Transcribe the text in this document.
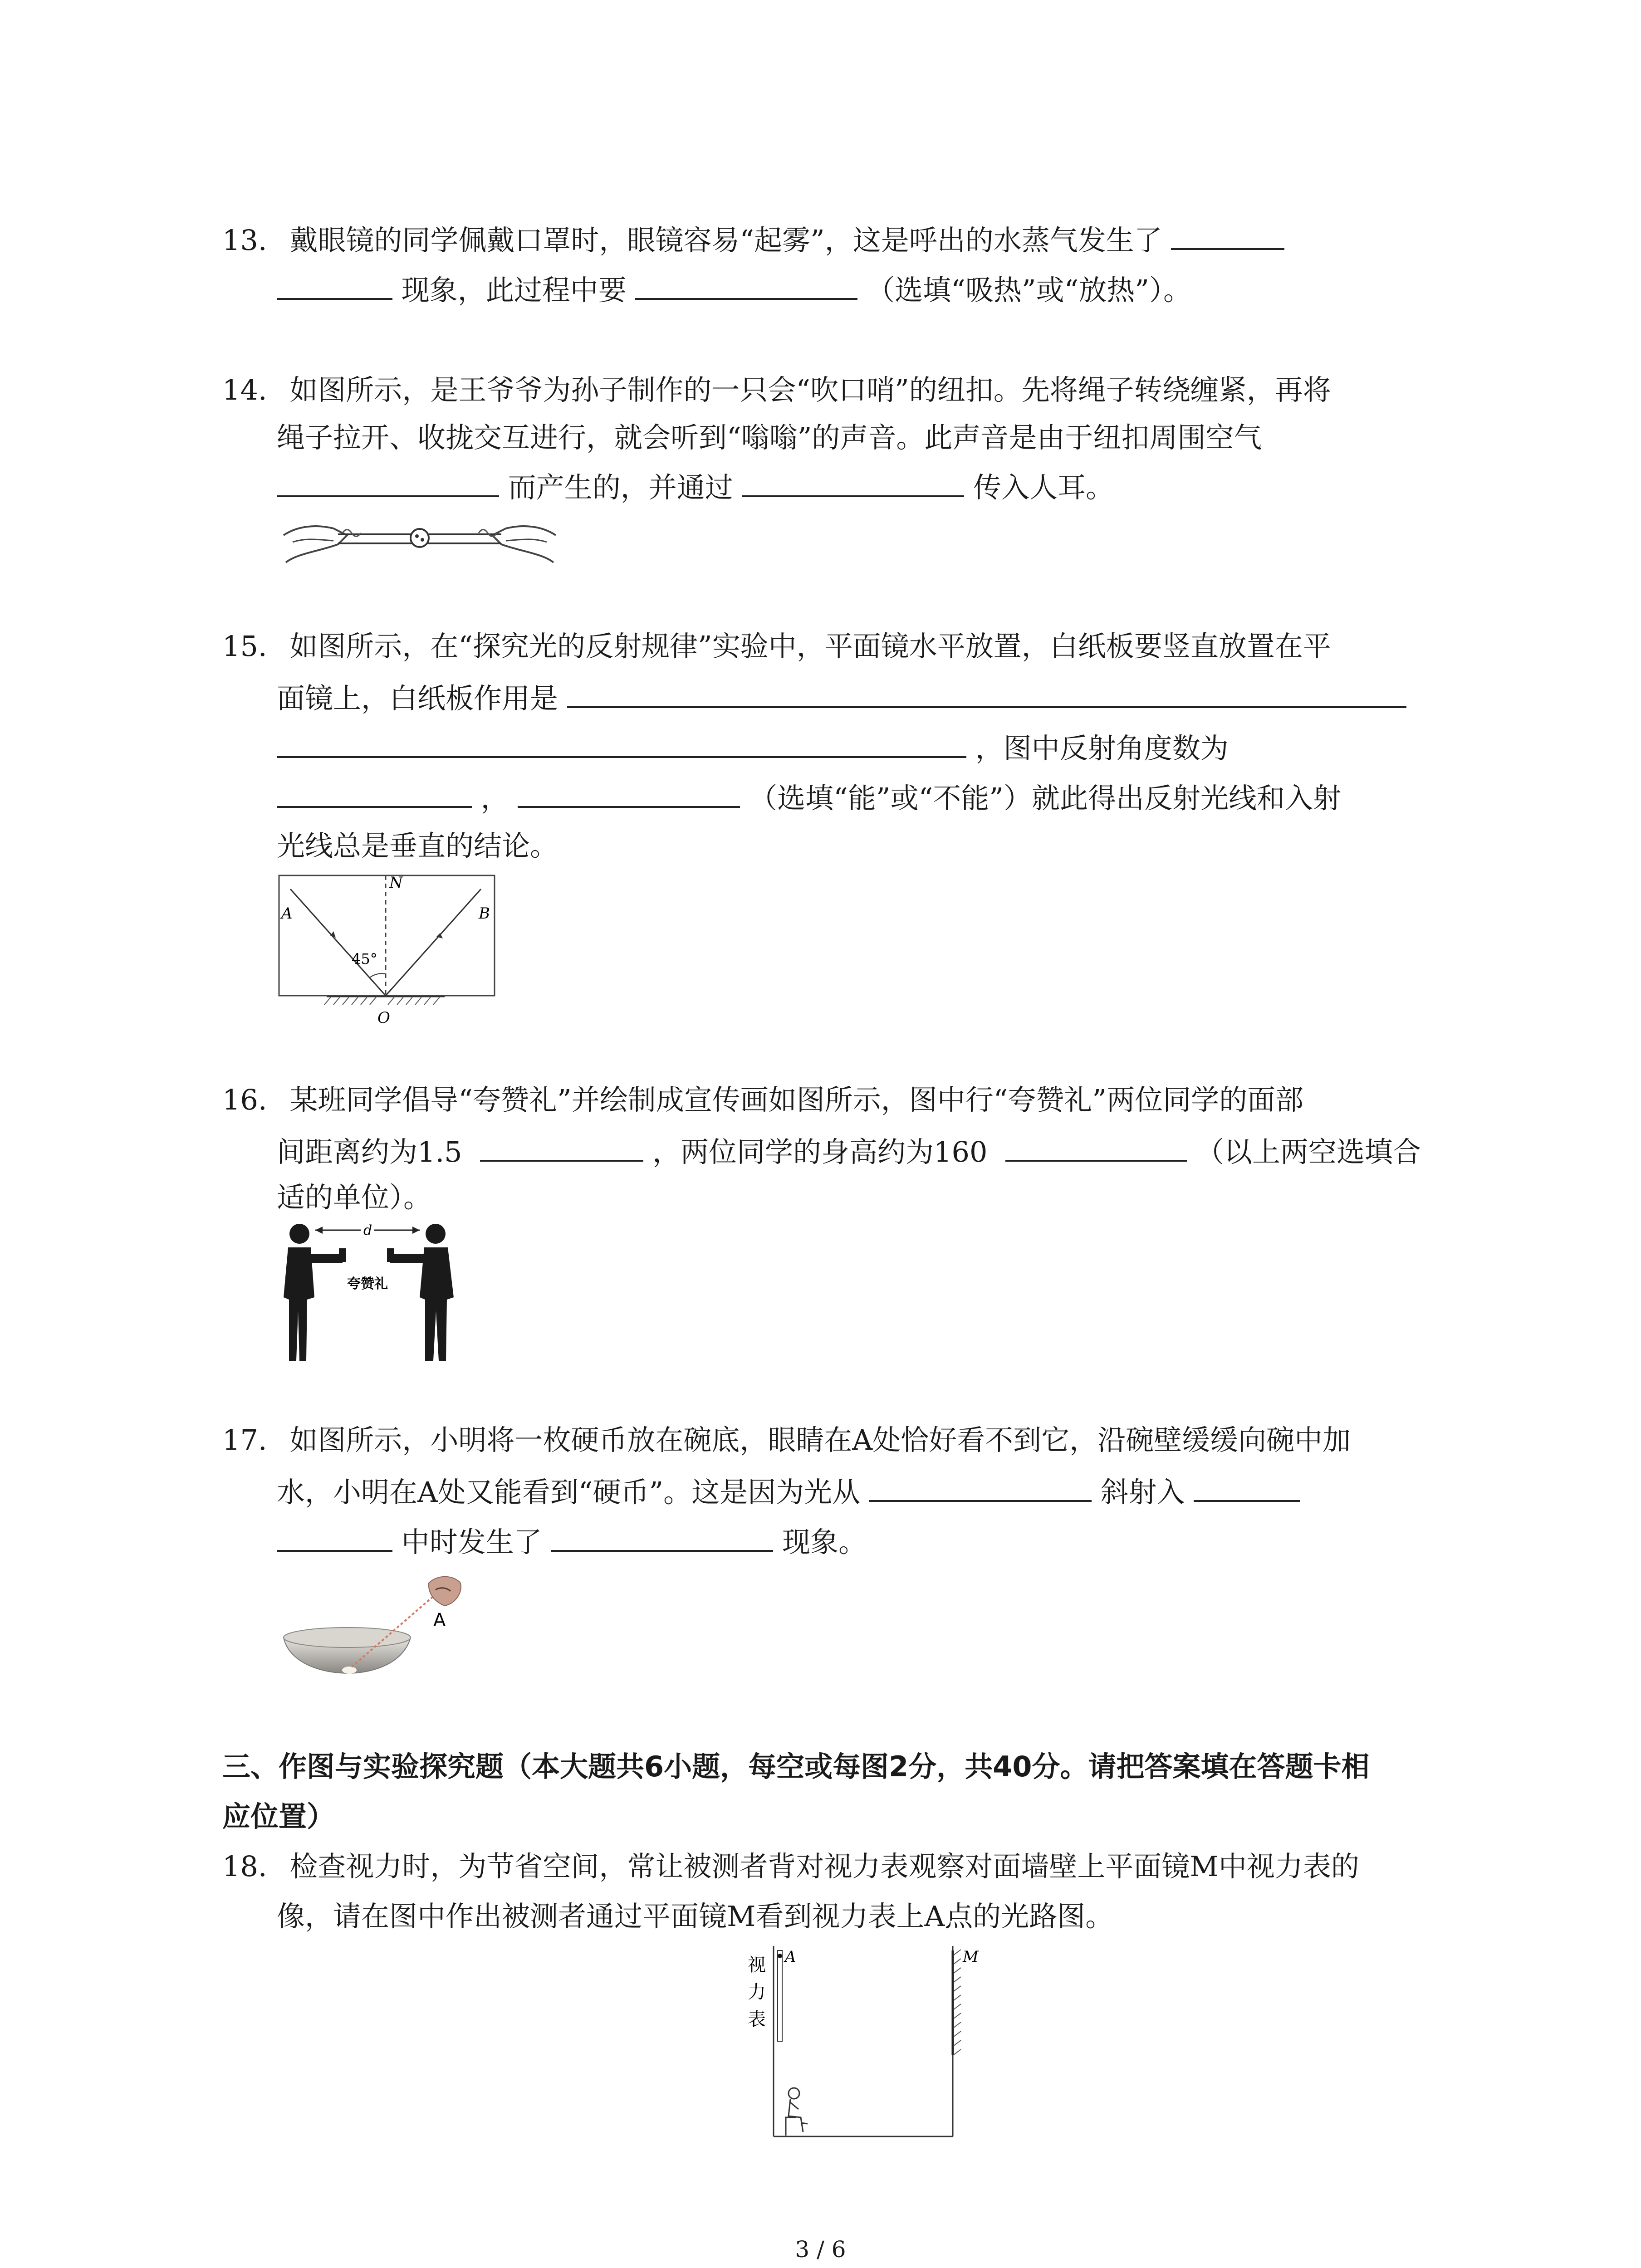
13. 戴眼镜的同学佩戴口罩时，眼镜容易“起雾”，这是呼出的水蒸气发生了
现象，此过程中要	（选填“吸热”或“放热”）。
14. 如图所示，是王爷爷为孙子制作的一只会“吹口哨”的纽扣。先将绳子转绕缠紧，再将
绳子拉开、收拢交互进行，就会听到“嗡嗡”的声音。此声音是由于纽扣周围空气
而产生的，并通过	传入人耳。
15. 如图所示，在“探究光的反射规律”实验中，平面镜水平放置，白纸板要竖直放置在平
面镜上，白纸板作用是
，图中反射角度数为
，	（选填“能”或“不能”）就此得出反射光线和入射
光线总是垂直的结论。
N
A	B
O
45°
16. 某班同学倡导“夸赞礼”并绘制成宣传画如图所示，图中行“夸赞礼”两位同学的面部
间距离约为1.5	，两位同学的身高约为160	（以上两空选填合
适的单位）。
d
夸赞礼
17. 如图所示，小明将一枚硬币放在碗底，眼睛在A处恰好看不到它，沿碗壁缓缓向碗中加
水，小明在A处又能看到“硬币”。这是因为光从	斜射入
中时发生了	现象。
A
三、作图与实验探究题（本大题共6小题，每空或每图2分，共40分。请把答案填在答题卡相
应位置）
18. 检查视力时，为节省空间，常让被测者背对视力表观察对面墙壁上平面镜M中视力表的
像，请在图中作出被测者通过平面镜M看到视力表上A点的光路图。
视
力
表
A	M
3 / 6
